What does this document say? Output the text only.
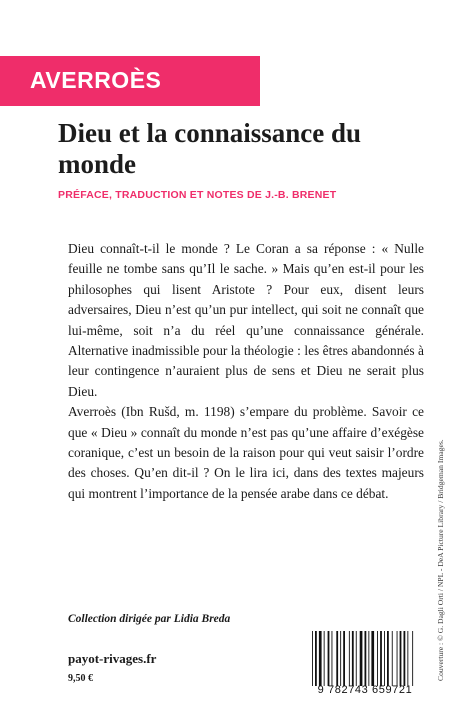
AVERROÈS
Dieu et la connaissance du monde
PRÉFACE, TRADUCTION ET NOTES DE J.-B. BRENET

Dieu connaît-t-il le monde ? Le Coran a sa réponse : « Nulle feuille ne tombe sans qu’Il le sache. » Mais qu’en est-il pour les philosophes qui lisent Aristote ? Pour eux, disent leurs adversaires, Dieu n’est qu’un pur intellect, qui soit ne connaît que lui-même, soit n’a du réel qu’une connaissance générale. Alternative inadmissible pour la théologie : les êtres abandonnés à leur contingence n’auraient plus de sens et Dieu ne serait plus Dieu.

Averroès (Ibn Rušd, m. 1198) s’empare du problème. Savoir ce que « Dieu » connaît du monde n’est pas qu’une affaire d’exégèse coranique, c’est un besoin de la raison pour qui veut saisir l’ordre des choses. Qu’en dit-il ? On le lira ici, dans des textes majeurs qui montrent l’importance de la pensée arabe dans ce débat.

Collection dirigée par Lidia Breda
payot-rivages.fr
9,50 €
9 782743 659721
Couverture : © G. Dagli Orti / NPL - DeA Picture Library / Bridgeman Images.
